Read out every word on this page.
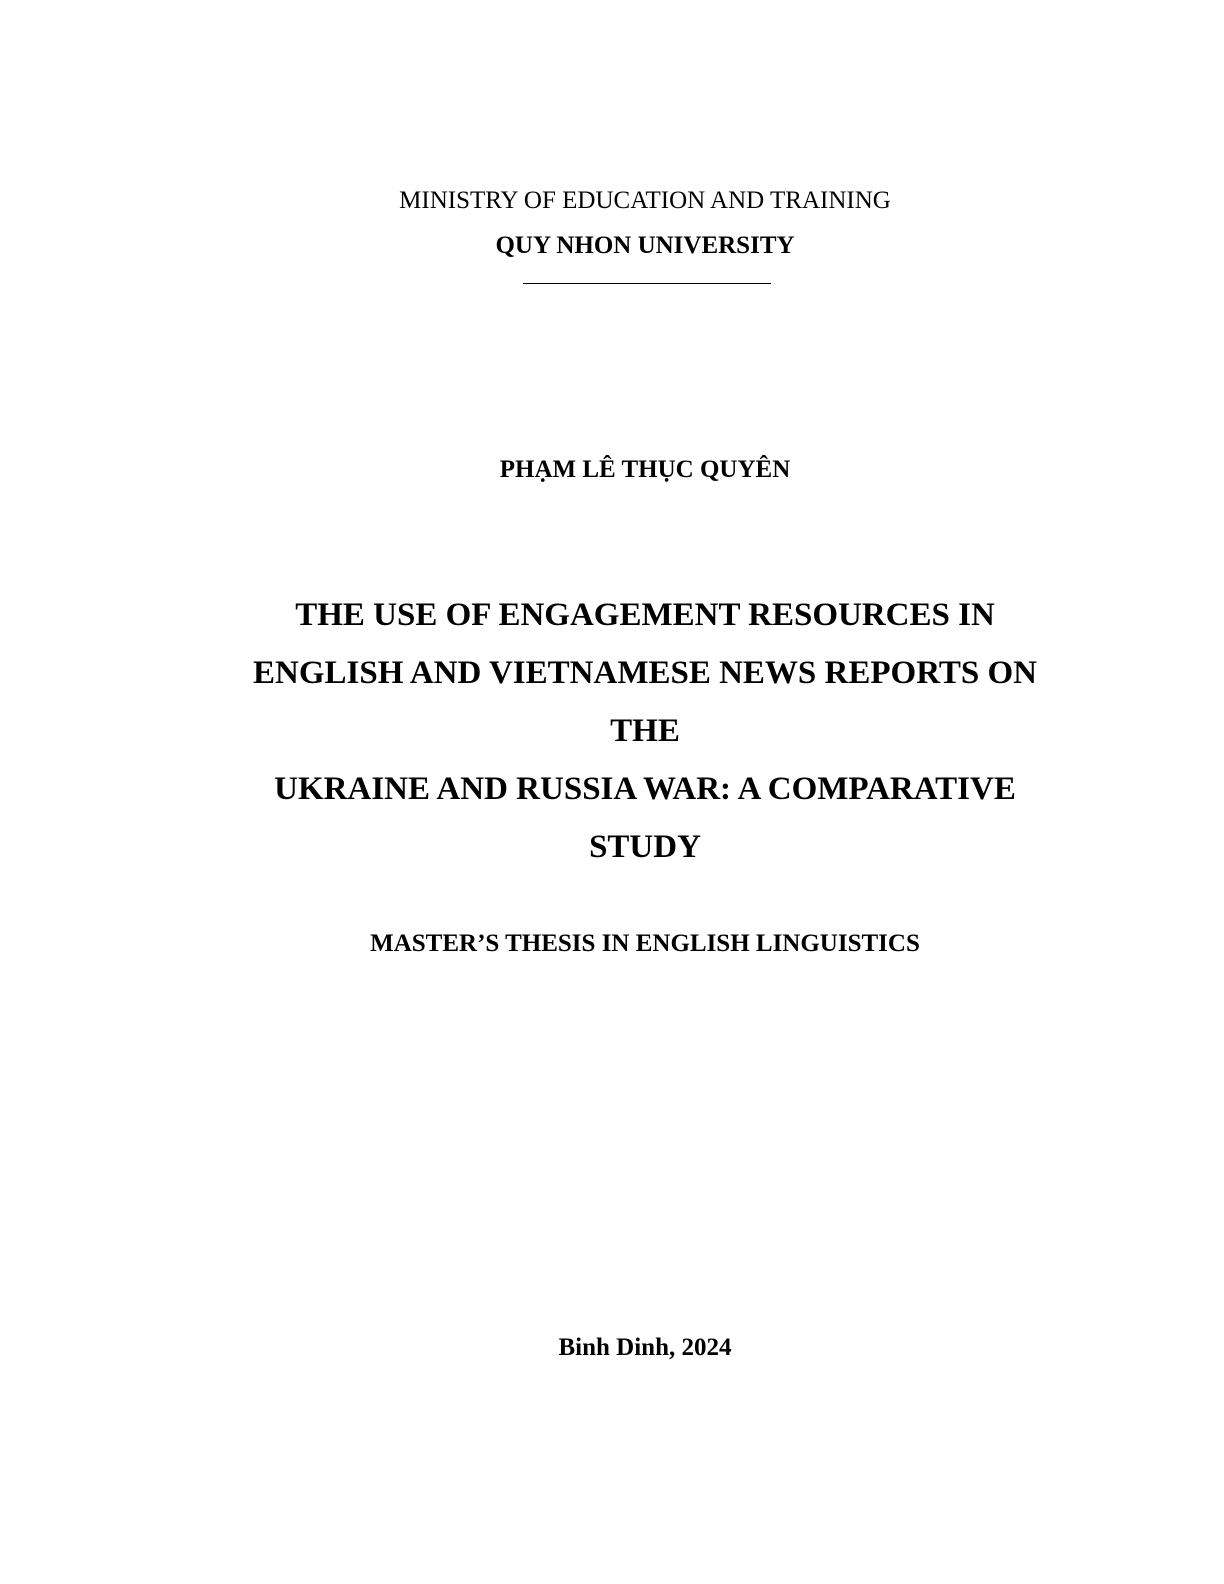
MINISTRY OF EDUCATION AND TRAINING
QUY NHON UNIVERSITY
PHẠM LÊ THỤC QUYÊN
THE USE OF ENGAGEMENT RESOURCES IN
ENGLISH AND VIETNAMESE NEWS REPORTS ON
THE
UKRAINE AND RUSSIA WAR: A COMPARATIVE
STUDY
MASTER’S THESIS IN ENGLISH LINGUISTICS
Binh Dinh, 2024
